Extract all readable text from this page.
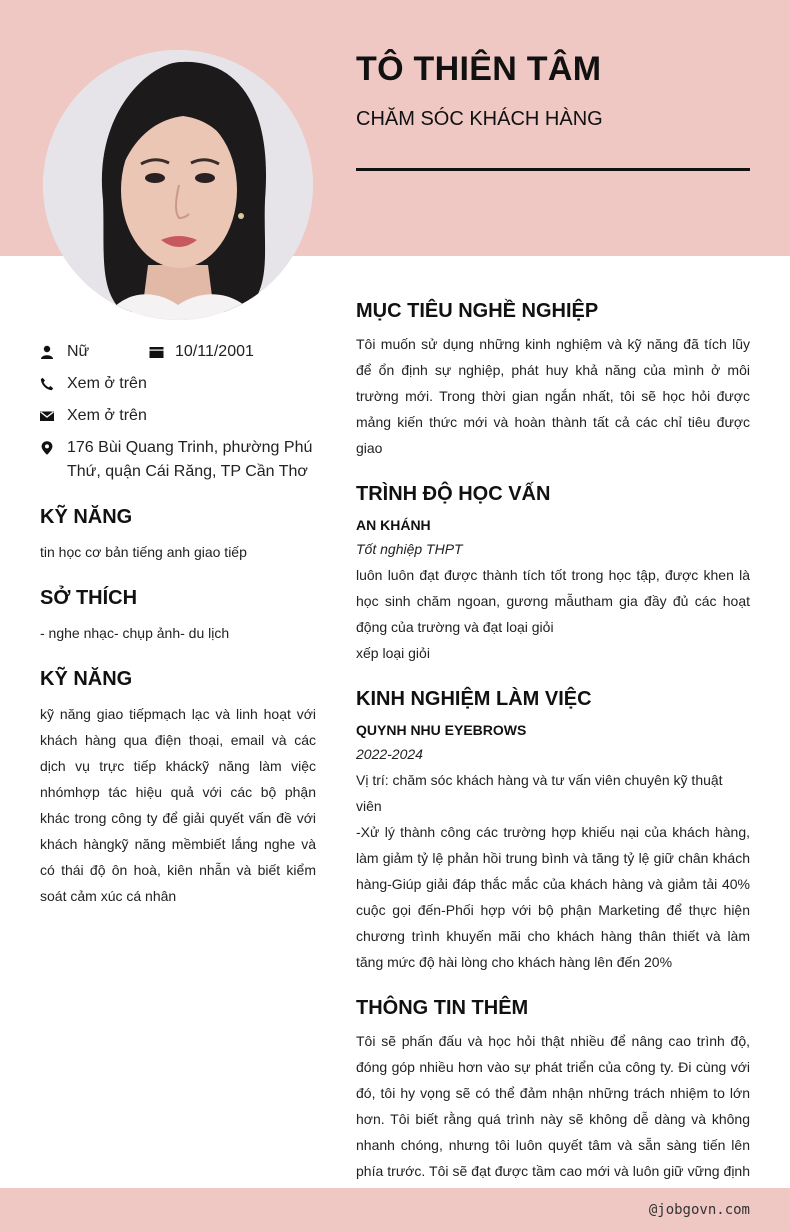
TÔ THIÊN TÂM
CHĂM SÓC KHÁCH HÀNG
Nữ	10/11/2001
Xem ở trên
Xem ở trên
176 Bùi Quang Trinh, phường Phú Thứ, quận Cái Răng, TP Cần Thơ
KỸ NĂNG
tin học cơ bản tiếng anh giao tiếp
SỞ THÍCH
- nghe nhạc- chụp ảnh- du lịch
KỸ NĂNG
kỹ năng giao tiếpmạch lạc và linh hoạt với khách hàng qua điện thoại, email và các dịch vụ trực tiếp kháckỹ năng làm việc nhómhợp tác hiệu quả với các bộ phận khác trong công ty để giải quyết vấn đề với khách hàngkỹ năng mềmbiết lắng nghe và có thái độ ôn hoà, kiên nhẫn và biết kiểm soát cảm xúc cá nhân
MỤC TIÊU NGHỀ NGHIỆP
Tôi muốn sử dụng những kinh nghiệm và kỹ năng đã tích lũy để ổn định sự nghiệp, phát huy khả năng của mình ở môi trường mới. Trong thời gian ngắn nhất, tôi sẽ học hỏi được mảng kiến thức mới và hoàn thành tất cả các chỉ tiêu được giao
TRÌNH ĐỘ HỌC VẤN
AN KHÁNH
Tốt nghiệp THPT
luôn luôn đạt được thành tích tốt trong học tập, được khen là học sinh chăm ngoan, gương mẫutham gia đầy đủ các hoạt động của trường và đạt loại giỏi
xếp loại giỏi
KINH NGHIỆM LÀM VIỆC
QUYNH NHU EYEBROWS
2022-2024
Vị trí: chăm sóc khách hàng và tư vấn viên chuyên kỹ thuật viên
-Xử lý thành công các trường hợp khiếu nại của khách hàng, làm giảm tỷ lệ phản hồi trung bình và tăng tỷ lệ giữ chân khách hàng-Giúp giải đáp thắc mắc của khách hàng và giảm tải 40% cuộc gọi đến-Phối hợp với bộ phận Marketing để thực hiện chương trình khuyến mãi cho khách hàng thân thiết và làm tăng mức độ hài lòng cho khách hàng lên đến 20%
THÔNG TIN THÊM
Tôi sẽ phấn đấu và học hỏi thật nhiều để nâng cao trình độ, đóng góp nhiều hơn vào sự phát triển của công ty. Đi cùng với đó, tôi hy vọng sẽ có thể đảm nhận những trách nhiệm to lớn hơn. Tôi biết rằng quá trình này sẽ không dễ dàng và không nhanh chóng, nhưng tôi luôn quyết tâm và sẵn sàng tiến lên phía trước. Tôi sẽ đạt được tầm cao mới và luôn giữ vững định
@jobgovn.com
